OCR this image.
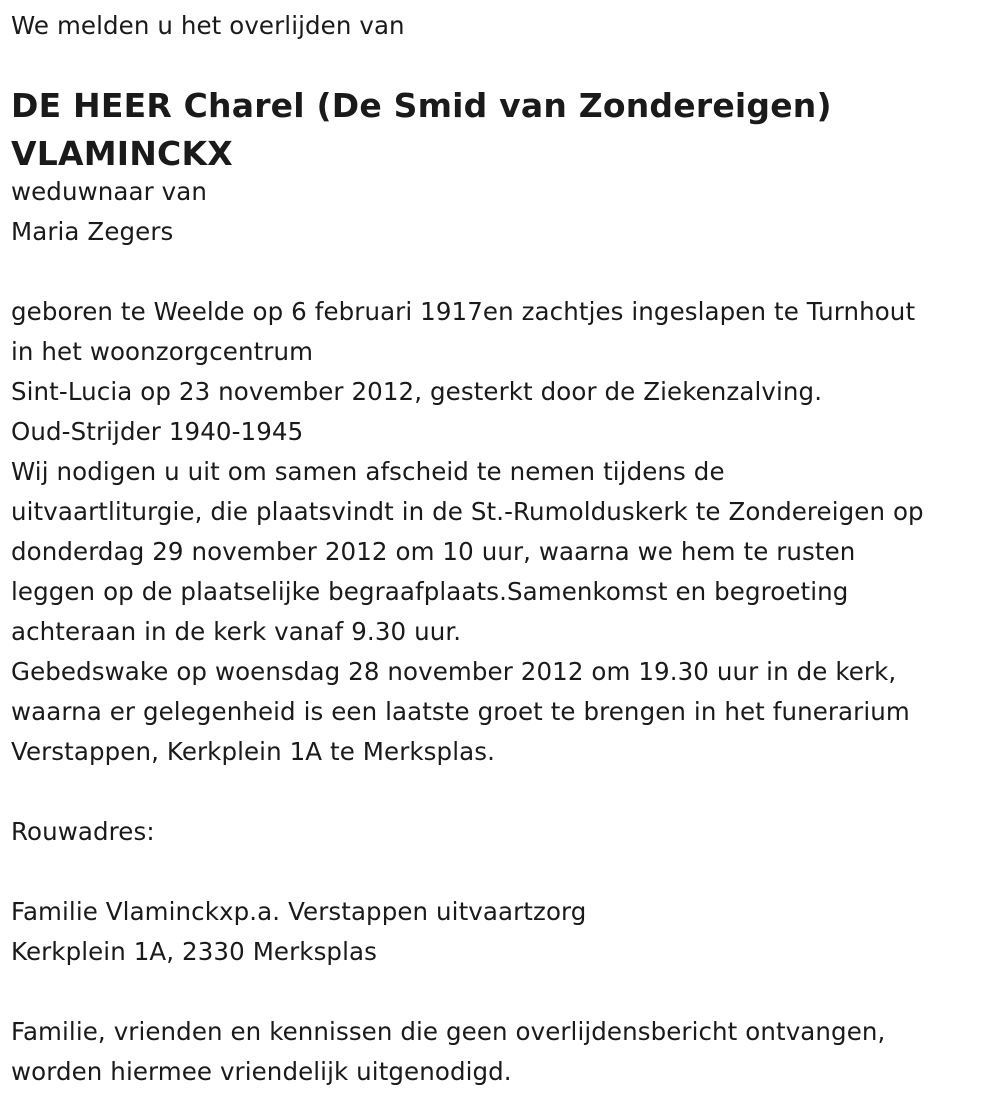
We melden u het overlijden van

DE HEER Charel (De Smid van Zondereigen)

VLAMINCKX

weduwnaar van

Maria Zegers

geboren te Weelde op 6 februari 1917en zachtjes ingeslapen te Turnhout

in het woonzorgcentrum

Sint-Lucia op 23 november 2012, gesterkt door de Ziekenzalving.

Oud-Strijder 1940-1945

Wij nodigen u uit om samen afscheid te nemen tijdens de

uitvaartliturgie, die plaatsvindt in de St.-Rumolduskerk te Zondereigen op

donderdag 29 november 2012 om 10 uur, waarna we hem te rusten

leggen op de plaatselijke begraafplaats.Samenkomst en begroeting

achteraan in de kerk vanaf 9.30 uur.

Gebedswake op woensdag 28 november 2012 om 19.30 uur in de kerk,

waarna er gelegenheid is een laatste groet te brengen in het funerarium

Verstappen, Kerkplein 1A te Merksplas.

Rouwadres:

Familie Vlaminckxp.a. Verstappen uitvaartzorg

Kerkplein 1A, 2330 Merksplas

Familie, vrienden en kennissen die geen overlijdensbericht ontvangen,

worden hiermee vriendelijk uitgenodigd.
